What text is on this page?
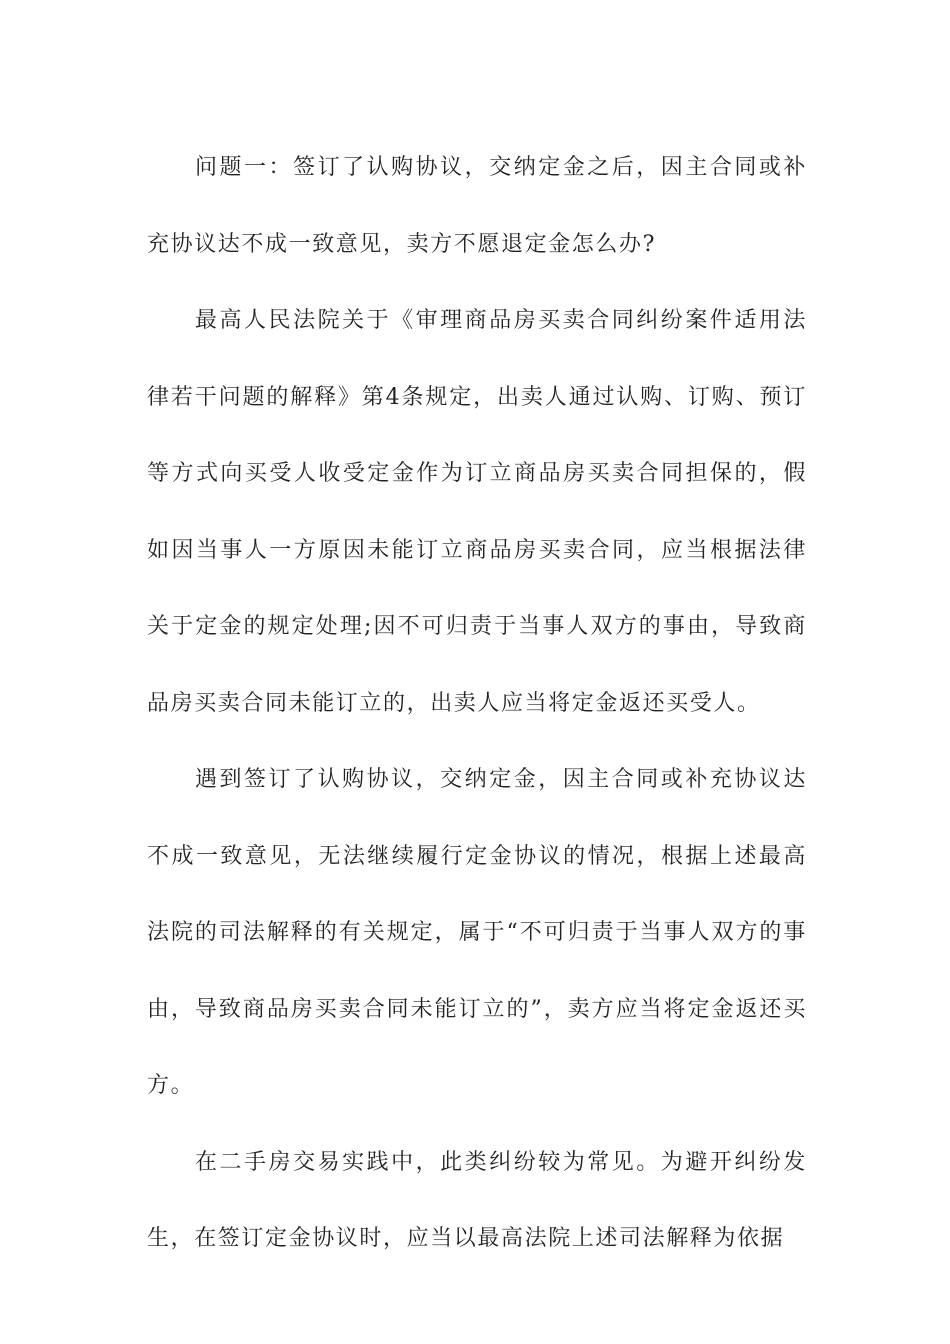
问题一：签订了认购协议，交纳定金之后，因主合同或补充协议达不成一致意见，卖方不愿退定金怎么办?

最高人民法院关于《审理商品房买卖合同纠纷案件适用法律若干问题的解释》第4条规定，出卖人通过认购、订购、预订等方式向买受人收受定金作为订立商品房买卖合同担保的，假如因当事人一方原因未能订立商品房买卖合同，应当根据法律关于定金的规定处理;因不可归责于当事人双方的事由，导致商品房买卖合同未能订立的，出卖人应当将定金返还买受人。

遇到签订了认购协议，交纳定金，因主合同或补充协议达不成一致意见，无法继续履行定金协议的情况，根据上述最高法院的司法解释的有关规定，属于“不可归责于当事人双方的事由，导致商品房买卖合同未能订立的”，卖方应当将定金返还买方。

在二手房交易实践中，此类纠纷较为常见。为避开纠纷发生，在签订定金协议时，应当以最高法院上述司法解释为依据
